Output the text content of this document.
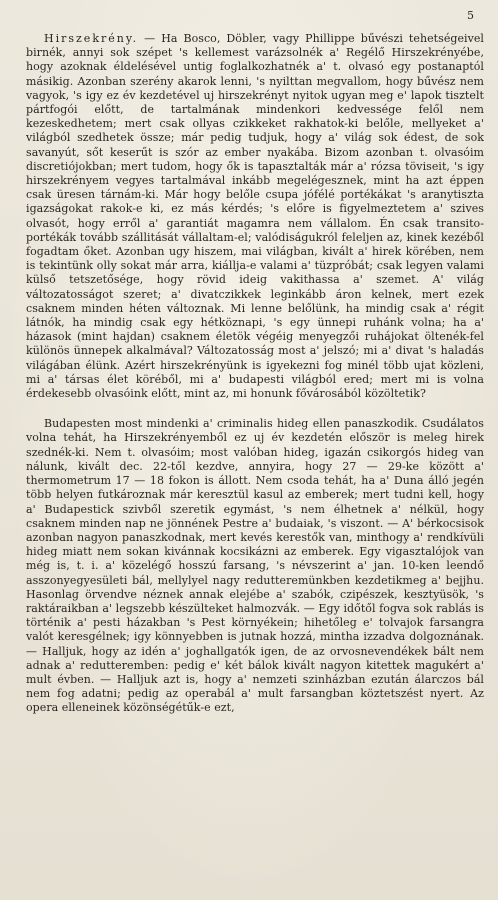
5

Hirszekrény. — Ha Bosco, Döbler, vagy Phillippe bűvészi tehetségeivel birnék, annyi sok szépet 's kellemest varázsolnék a' Regélő Hirszekrényébe, hogy azoknak éldelésével untig foglalkozhatnék a' t. olvasó egy postanaptól másikig. Azonban szerény akarok lenni, 's nyilttan megvallom, hogy bűvész nem vagyok, 's igy ez év kezdetével uj hirszekrényt nyitok ugyan meg e' lapok tisztelt pártfogói előtt, de tartalmának mindenkori kedvessége felől nem kezeskedhetem; mert csak ollyas czikkeket rakhatok-ki belőle, mellyeket a' világból szedhetek össze; már pedig tudjuk, hogy a' világ sok édest, de sok savanyút, sőt keserűt is szór az ember nyakába. Bizom azonban t. olvasóim discretiójokban; mert tudom, hogy ők is tapasztalták már a' rózsa töviseit, 's igy hirszekrényem vegyes tartalmával inkább megelégesznek, mint ha azt éppen csak üresen tárnám-ki. Már hogy belőle csupa jófélé portékákat 's aranytiszta igazságokat rakok-e ki, ez más kérdés; 's előre is figyelmeztetem a' szives olvasót, hogy erről a' garantiát magamra nem vállalom. Én csak transito-portékák tovább szállitását vállaltam-el; valódiságukról feleljen az, kinek kezéből fogadtam őket. Azonban ugy hiszem, mai világban, kivált a' hirek körében, nem is tekintünk olly sokat már arra, kiállja-e valami a' tüzpróbát; csak legyen valami külső tetszetősége, hogy rövid ideig vakithassa a' szemet. A' világ változatosságot szeret; a' divatczikkek leginkább áron kelnek, mert ezek csaknem minden héten változnak. Mi lenne belőlünk, ha mindig csak a' régit látnók, ha mindig csak egy hétköznapi, 's egy ünnepi ruhánk volna; ha a' házasok (mint hajdan) csaknem életök végéig menyegzői ruhájokat öltenék-fel különös ünnepek alkalmával? Változatosság most a' jelszó; mi a' divat 's haladás világában élünk. Azért hirszekrényünk is igyekezni fog minél több ujat közleni, mi a' társas élet köréből, mi a' budapesti világból ered; mert mi is volna érdekesebb olvasóink előtt, mint az, mi honunk fővárosából közöltetik?

Budapesten most mindenki a' criminalis hideg ellen panaszkodik. Csudálatos volna tehát, ha Hirszekrényemből ez uj év kezdetén először is meleg hirek szednék-ki. Nem t. olvasóim; most valóban hideg, igazán csikorgós hideg van nálunk, kivált dec. 22-től kezdve, annyira, hogy 27 — 29-ke között a' thermometrum 17 — 18 fokon is állott. Nem csoda tehát, ha a' Duna álló jegén több helyen futkároznak már keresztül kasul az emberek; mert tudni kell, hogy a' Budapestick szivből szeretik egymást, 's nem élhetnek a' nélkül, hogy csaknem minden nap ne jönnének Pestre a' budaiak, 's viszont. — A' bérkocsisok azonban nagyon panaszkodnak, mert kevés kerestők van, minthogy a' rendkívüli hideg miatt nem sokan kivánnak kocsikázni az emberek. Egy vigasztalójok van még is, t. i. a' közelégő hosszú farsang, 's névszerint a' jan. 10-ken leendő asszonyegyesületi bál, mellylyel nagy redutteremünkben kezdetikmeg a' bejjhu. Hasonlag örvendve néznek annak elejébe a' szabók, czipészek, kesztyüsök, 's raktáraikban a' legszebb készülteket halmozvák. — Egy időtől fogva sok rablás is történik a' pesti házakban 's Pest környékein; hihetőleg e' tolvajok farsangra valót keresgélnek; igy könnyebben is jutnak hozzá, mintha izzadva dolgoznának. — Halljuk, hogy az idén a' joghallgatók igen, de az orvosnevendékek bált nem adnak a' redutteremben: pedig e' két bálok kivált nagyon kitettek magukért a' mult évben. — Halljuk azt is, hogy a' nemzeti szinházban ezután álarczos bál nem fog adatni; pedig az operabál a' mult farsangban köztetszést nyert. Az opera elleneinek közönségétűk-e ezt,
